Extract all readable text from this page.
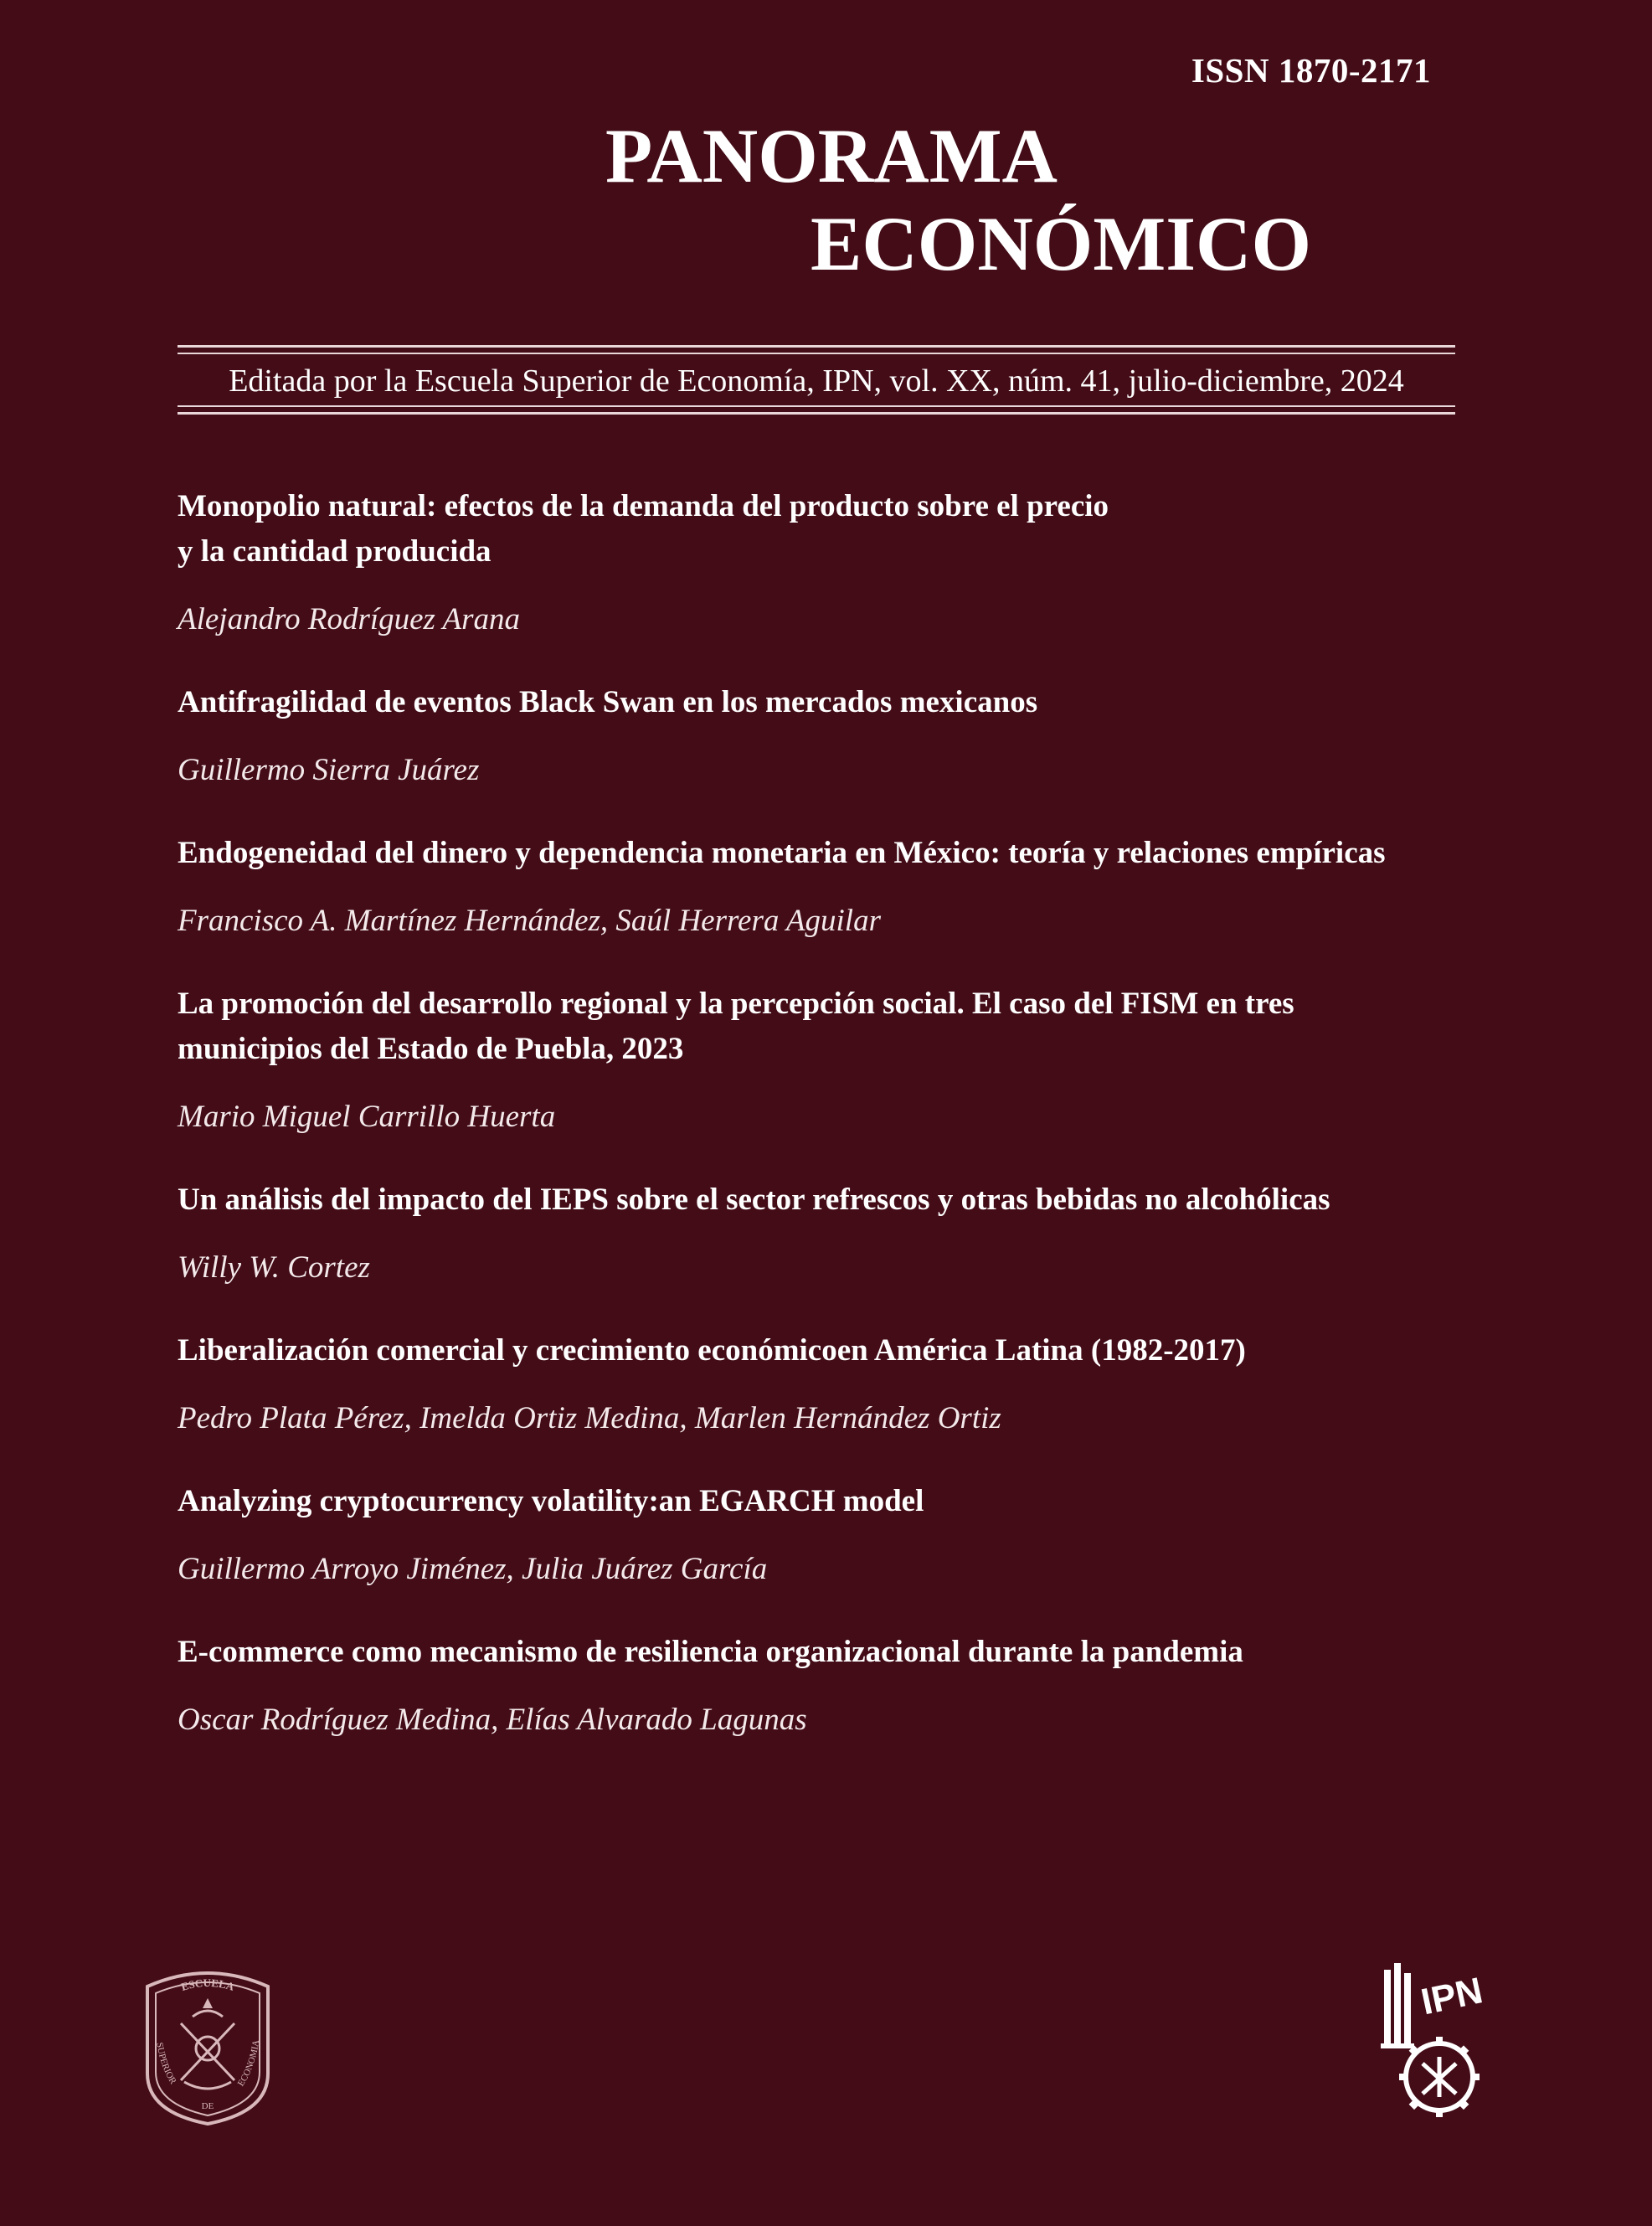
ISSN 1870-2171
PANORAMA
ECONÓMICO
Editada por la Escuela Superior de Economía, IPN, vol. XX, núm. 41, julio-diciembre, 2024

Monopolio natural: efectos de la demanda del producto sobre el precio
y la cantidad producida

Alejandro Rodríguez Arana

Antifragilidad de eventos Black Swan en los mercados mexicanos

Guillermo Sierra Juárez

Endogeneidad del dinero y dependencia monetaria en México: teoría y relaciones empíricas

Francisco A. Martínez Hernández, Saúl Herrera Aguilar

La promoción del desarrollo regional y la percepción social. El caso del FISM en tres
municipios del Estado de Puebla, 2023

Mario Miguel Carrillo Huerta

Un análisis del impacto del IEPS sobre el sector refrescos y otras bebidas no alcohólicas

Willy W. Cortez

Liberalización comercial y crecimiento económicoen América Latina (1982-2017)

Pedro Plata Pérez, Imelda Ortiz Medina, Marlen Hernández Ortiz

Analyzing cryptocurrency volatility:an EGARCH model

Guillermo Arroyo Jiménez, Julia Juárez García

E-commerce como mecanismo de resiliencia organizacional durante la pandemia

Oscar Rodríguez Medina, Elías Alvarado Lagunas
ESCUELA
SUPERIOR	ECONOMIA
DE
IPN
